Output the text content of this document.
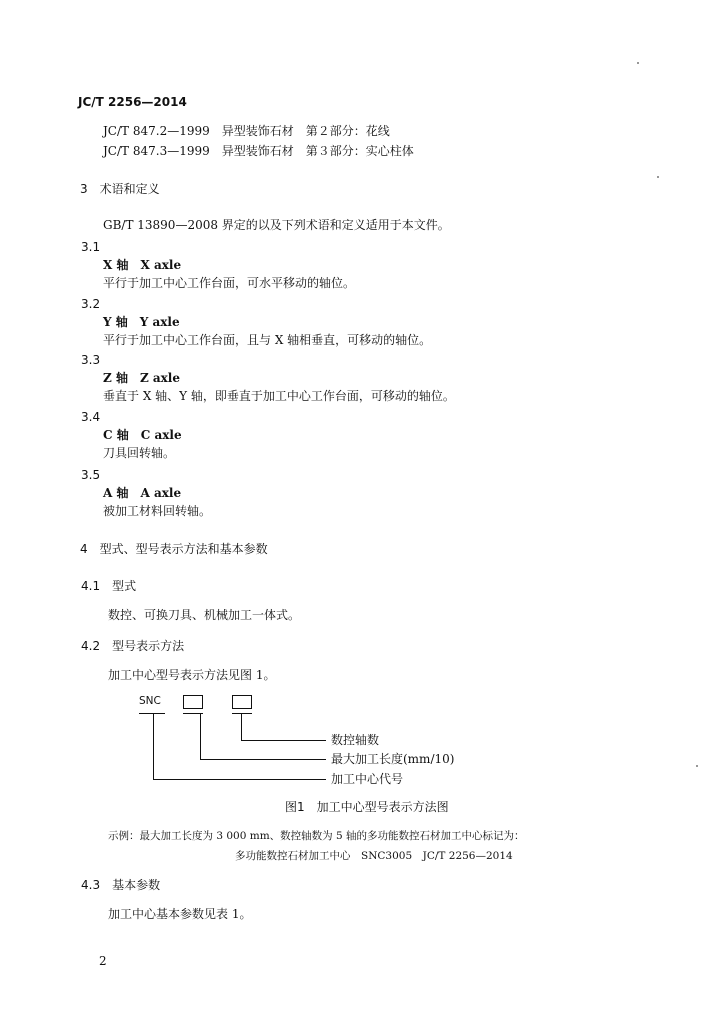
JC/T 2256—2014
JC/T 847.2—1999　异型装饰石材　第２部分：花线
JC/T 847.3—1999　异型装饰石材　第３部分：实心柱体
3　术语和定义
GB/T 13890—2008 界定的以及下列术语和定义适用于本文件。
3.1
X 轴　X axle
平行于加工中心工作台面，可水平移动的轴位。
3.2
Y 轴　Y axle
平行于加工中心工作台面，且与 X 轴相垂直，可移动的轴位。
3.3
Z 轴　Z axle
垂直于 X 轴、Y 轴，即垂直于加工中心工作台面，可移动的轴位。
3.4
C 轴　C axle
刀具回转轴。
3.5
A 轴　A axle
被加工材料回转轴。
4　型式、型号表示方法和基本参数
4.1　型式
数控、可换刀具、机械加工一体式。
4.2　型号表示方法
加工中心型号表示方法见图 1。
SNC
数控轴数
最大加工长度(mm/10)
加工中心代号
图1　加工中心型号表示方法图
示例：最大加工长度为 3 000 mm、数控轴数为 5 轴的多功能数控石材加工中心标记为：
多功能数控石材加工中心　SNC3005　JC/T 2256—2014
4.3　基本参数
加工中心基本参数见表 1。
2
